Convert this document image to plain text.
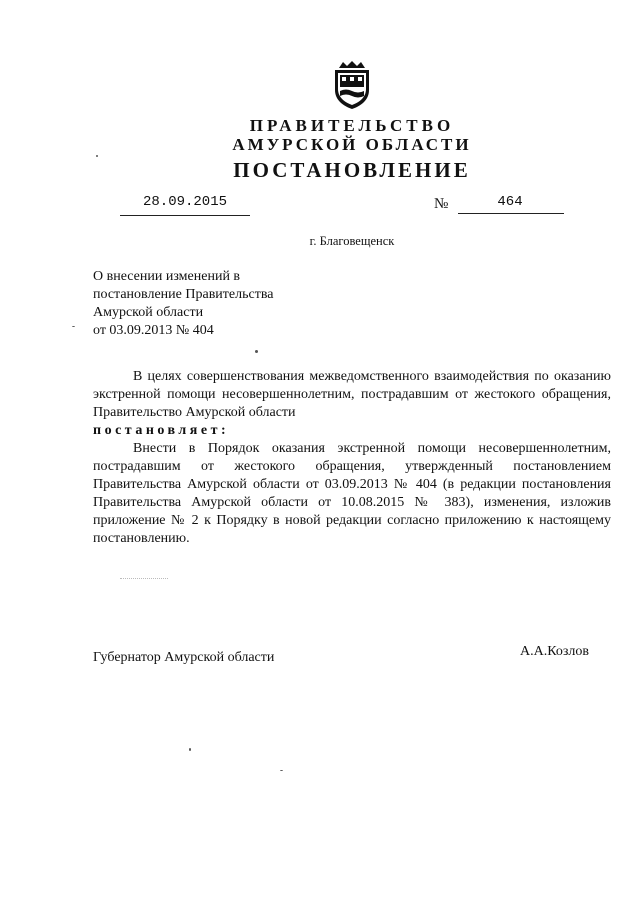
ПРАВИТЕЛЬСТВО
АМУРСКОЙ ОБЛАСТИ
ПОСТАНОВЛЕНИЕ
28.09.2015	№	464
г. Благовещенск
О внесении изменений в
постановление Правительства
Амурской области
от 03.09.2013 № 404
В целях совершенствования межведомственного взаимодействия по оказанию экстренной помощи несовершеннолетним, пострадавшим от жестокого обращения, Правительство Амурской области
постановляет:
Внести в Порядок оказания экстренной помощи несовершеннолетним, пострадавшим от жестокого обращения, утвержденный постановлением Правительства Амурской области от 03.09.2013 № 404 (в редакции постановления Правительства Амурской области от 10.08.2015 № 383), изменения, изложив приложение № 2 к Порядку в новой редакции согласно приложению к настоящему постановлению.
Губернатор Амурской области	А.А.Козлов
